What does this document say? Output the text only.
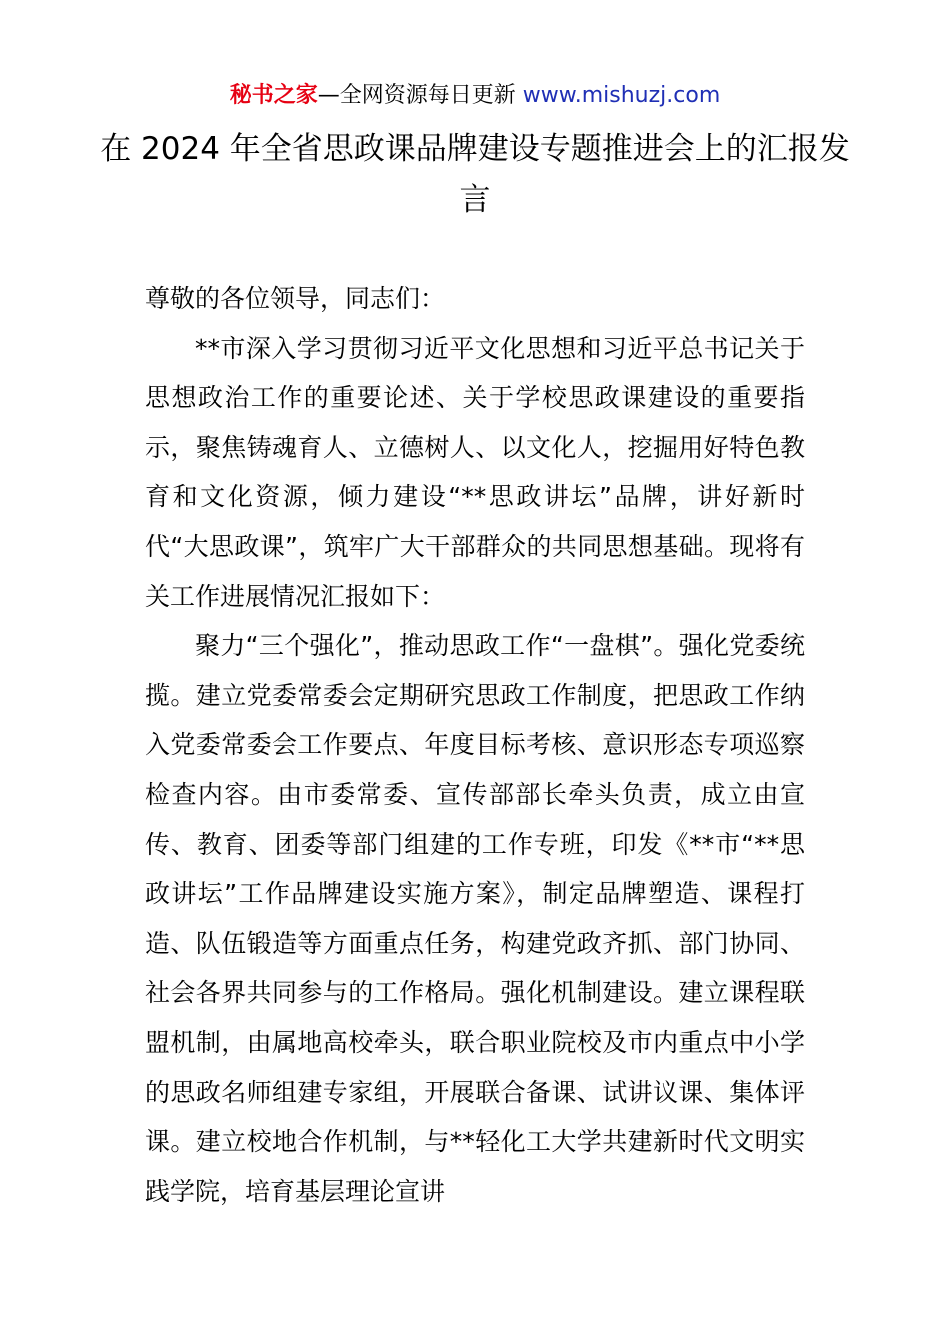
秘书之家—全网资源每日更新 www.mishuzj.com
在 2024 年全省思政课品牌建设专题推进会上的汇报发言

尊敬的各位领导，同志们：

**市深入学习贯彻习近平文化思想和习近平总书记关于思想政治工作的重要论述、关于学校思政课建设的重要指示，聚焦铸魂育人、立德树人、以文化人，挖掘用好特色教育和文化资源，倾力建设“**思政讲坛”品牌，讲好新时代“大思政课”，筑牢广大干部群众的共同思想基础。现将有关工作进展情况汇报如下：

聚力“三个强化”，推动思政工作“一盘棋”。强化党委统揽。建立党委常委会定期研究思政工作制度，把思政工作纳入党委常委会工作要点、年度目标考核、意识形态专项巡察检查内容。由市委常委、宣传部部长牵头负责，成立由宣传、教育、团委等部门组建的工作专班，印发《**市“**思政讲坛”工作品牌建设实施方案》，制定品牌塑造、课程打造、队伍锻造等方面重点任务，构建党政齐抓、部门协同、社会各界共同参与的工作格局。强化机制建设。建立课程联盟机制，由属地高校牵头，联合职业院校及市内重点中小学的思政名师组建专家组，开展联合备课、试讲议课、集体评课。建立校地合作机制，与**轻化工大学共建新时代文明实践学院，培育基层理论宣讲
